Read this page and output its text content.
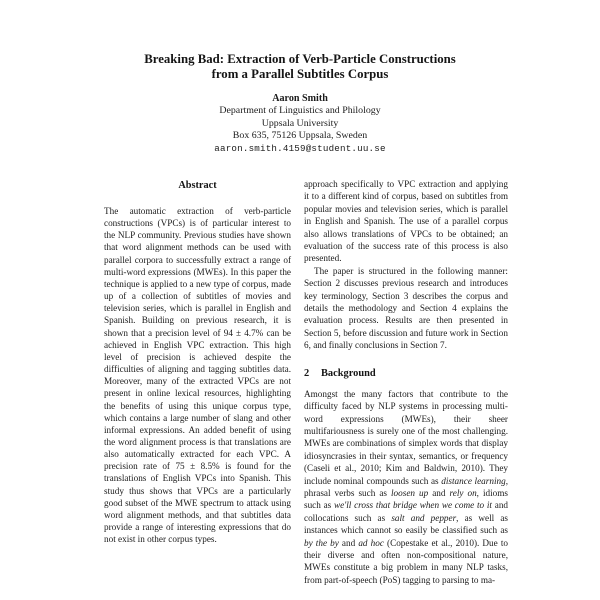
Breaking Bad: Extraction of Verb-Particle Constructions
from a Parallel Subtitles Corpus
Aaron Smith
Department of Linguistics and Philology
Uppsala University
Box 635, 75126 Uppsala, Sweden
aaron.smith.4159@student.uu.se
Abstract

The automatic extraction of verb-particle constructions (VPCs) is of particular interest to the NLP community. Previous studies have shown that word alignment methods can be used with parallel corpora to successfully extract a range of multi-word expressions (MWEs). In this paper the technique is applied to a new type of corpus, made up of a collection of subtitles of movies and television series, which is parallel in English and Spanish. Building on previous research, it is shown that a precision level of 94 ± 4.7% can be achieved in English VPC extraction. This high level of precision is achieved despite the difficulties of aligning and tagging subtitles data. Moreover, many of the extracted VPCs are not present in online lexical resources, highlighting the benefits of using this unique corpus type, which contains a large number of slang and other informal expressions. An added benefit of using the word alignment process is that translations are also automatically extracted for each VPC. A precision rate of 75 ± 8.5% is found for the translations of English VPCs into Spanish. This study thus shows that VPCs are a particularly good subset of the MWE spectrum to attack using word alignment methods, and that subtitles data provide a range of interesting expressions that do not exist in other corpus types.

approach specifically to VPC extraction and applying it to a different kind of corpus, based on subtitles from popular movies and television series, which is parallel in English and Spanish. The use of a parallel corpus also allows translations of VPCs to be obtained; an evaluation of the success rate of this process is also presented.

The paper is structured in the following manner: Section 2 discusses previous research and introduces key terminology, Section 3 describes the corpus and details the methodology and Section 4 explains the evaluation process. Results are then presented in Section 5, before discussion and future work in Section 6, and finally conclusions in Section 7.

2 Background

Amongst the many factors that contribute to the difficulty faced by NLP systems in processing multi-word expressions (MWEs), their sheer multifariousness is surely one of the most challenging. MWEs are combinations of simplex words that display idiosyncrasies in their syntax, semantics, or frequency (Caseli et al., 2010; Kim and Baldwin, 2010). They include nominal compounds such as distance learning, phrasal verbs such as loosen up and rely on, idioms such as we'll cross that bridge when we come to it and collocations such as salt and pepper, as well as instances which cannot so easily be classified such as by the by and ad hoc (Copestake et al., 2010). Due to their diverse and often non-compositional nature, MWEs constitute a big problem in many NLP tasks, from part-of-speech (PoS) tagging to parsing to ma-
